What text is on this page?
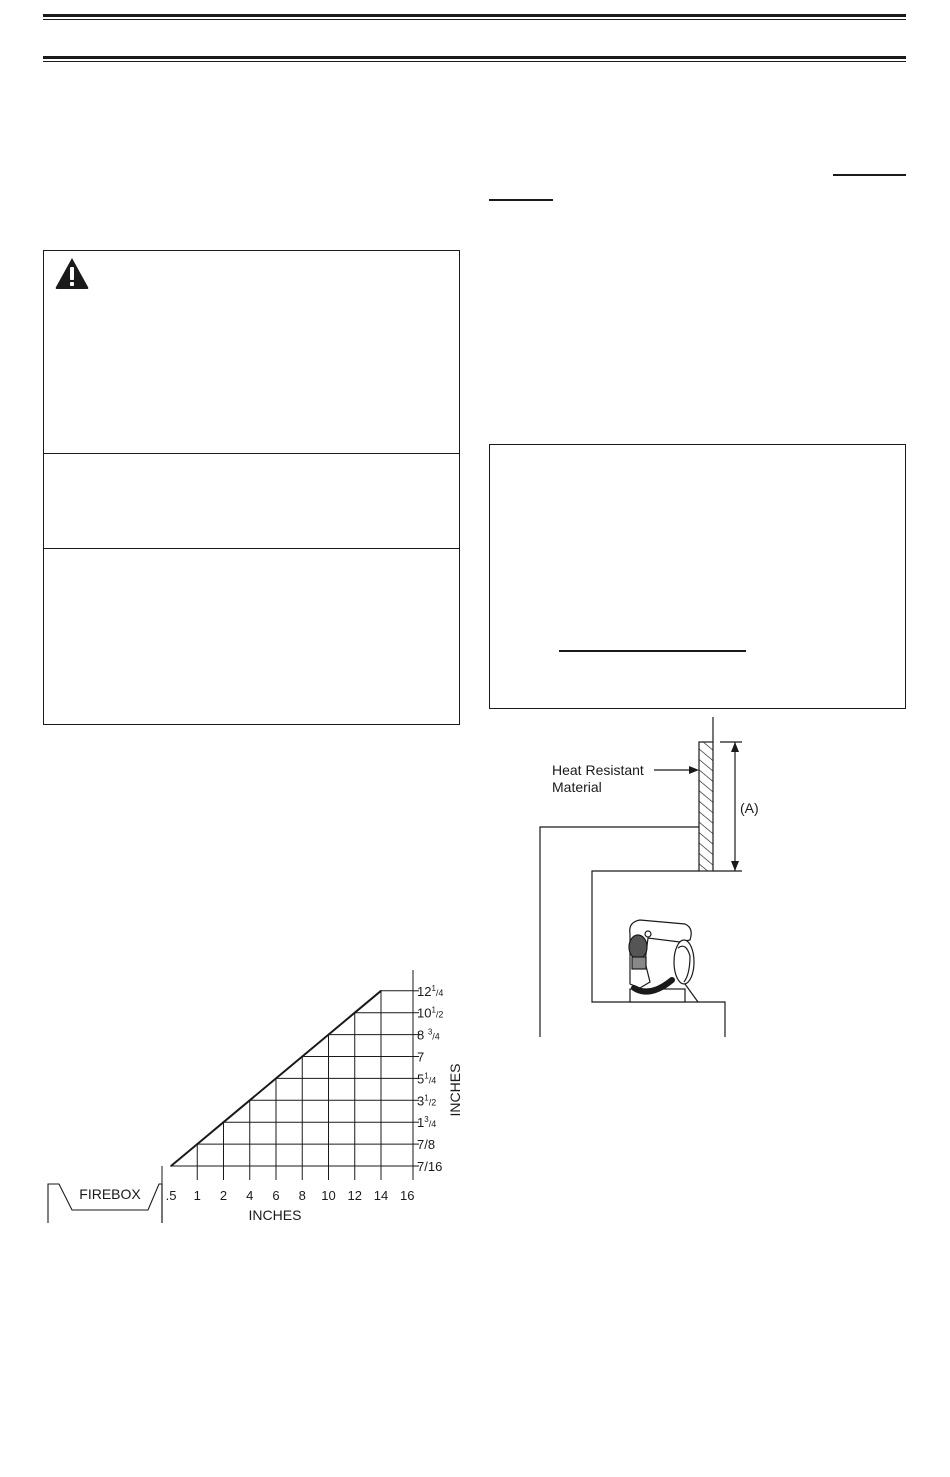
Heat Resistant
Material
(A)
.5 1 2 4 6 8 10 12 14 16
7/16
7/8
$1^3_{/4}$
$3^1_{/2}$
$5^1_{/4}$
7
8 $^3_{/4}$
$10^1_{/2}$
$12^1_{/4}$
FIREBOX
INCHES
INCHES
